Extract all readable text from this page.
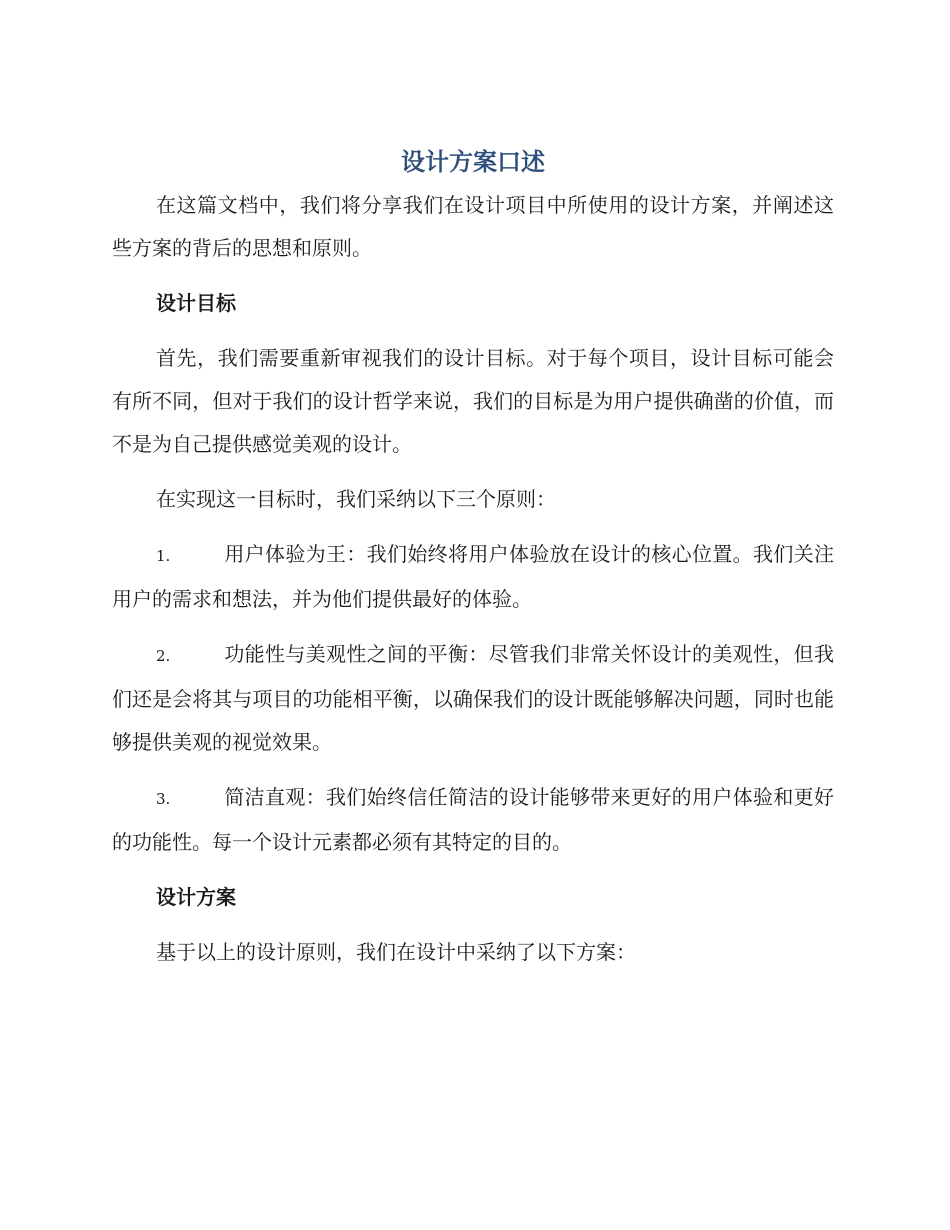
设计方案口述

在这篇文档中，我们将分享我们在设计项目中所使用的设计方案，并阐述这些方案的背后的思想和原则。

设计目标

首先，我们需要重新审视我们的设计目标。对于每个项目，设计目标可能会有所不同，但对于我们的设计哲学来说，我们的目标是为用户提供确凿的价值，而不是为自己提供感觉美观的设计。

在实现这一目标时，我们采纳以下三个原则：

1.	用户体验为王：我们始终将用户体验放在设计的核心位置。我们关注用户的需求和想法，并为他们提供最好的体验。
2.	功能性与美观性之间的平衡：尽管我们非常关怀设计的美观性，但我们还是会将其与项目的功能相平衡，以确保我们的设计既能够解决问题，同时也能够提供美观的视觉效果。
3.	简洁直观：我们始终信任简洁的设计能够带来更好的用户体验和更好的功能性。每一个设计元素都必须有其特定的目的。
设计方案

基于以上的设计原则，我们在设计中采纳了以下方案：
